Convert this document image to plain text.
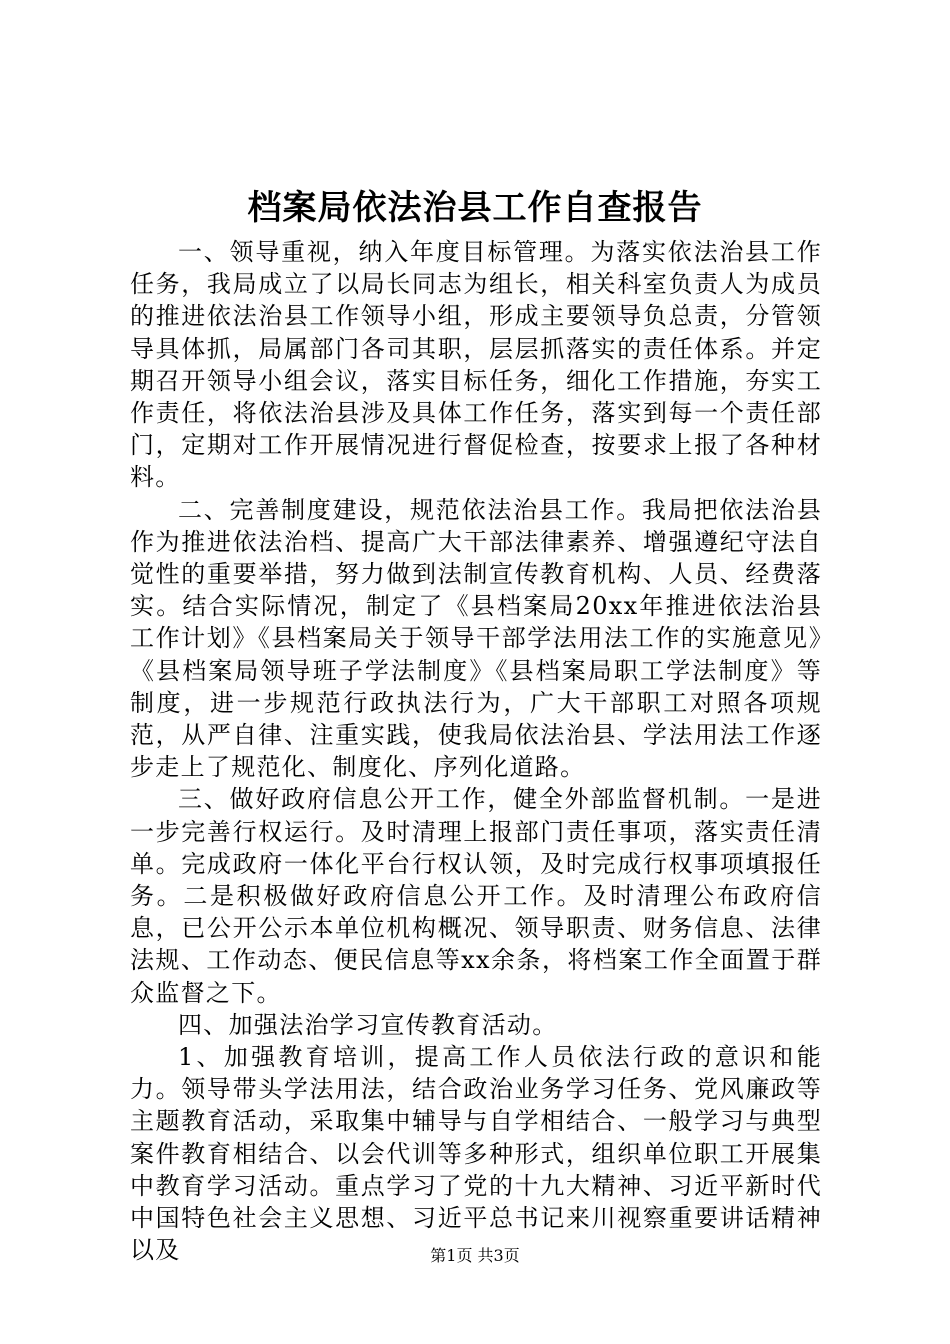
档案局依法治县工作自查报告

一、领导重视，纳入年度目标管理。为落实依法治县工作任务，我局成立了以局长同志为组长，相关科室负责人为成员的推进依法治县工作领导小组，形成主要领导负总责，分管领导具体抓，局属部门各司其职，层层抓落实的责任体系。并定期召开领导小组会议，落实目标任务，细化工作措施，夯实工作责任，将依法治县涉及具体工作任务，落实到每一个责任部门，定期对工作开展情况进行督促检查，按要求上报了各种材料。

二、完善制度建设，规范依法治县工作。我局把依法治县作为推进依法治档、提高广大干部法律素养、增强遵纪守法自觉性的重要举措，努力做到法制宣传教育机构、人员、经费落实。结合实际情况，制定了《县档案局20xx年推进依法治县工作计划》《县档案局关于领导干部学法用法工作的实施意见》《县档案局领导班子学法制度》《县档案局职工学法制度》等制度，进一步规范行政执法行为，广大干部职工对照各项规范，从严自律、注重实践，使我局依法治县、学法用法工作逐步走上了规范化、制度化、序列化道路。

三、做好政府信息公开工作，健全外部监督机制。一是进一步完善行权运行。及时清理上报部门责任事项，落实责任清单。完成政府一体化平台行权认领，及时完成行权事项填报任务。二是积极做好政府信息公开工作。及时清理公布政府信息，已公开公示本单位机构概况、领导职责、财务信息、法律法规、工作动态、便民信息等xx余条，将档案工作全面置于群众监督之下。

四、加强法治学习宣传教育活动。

1、加强教育培训，提高工作人员依法行政的意识和能力。领导带头学法用法，结合政治业务学习任务、党风廉政等主题教育活动，采取集中辅导与自学相结合、一般学习与典型案件教育相结合、以会代训等多种形式，组织单位职工开展集中教育学习活动。重点学习了党的十九大精神、习近平新时代中国特色社会主义思想、习近平总书记来川视察重要讲话精神以及	第1页 共3页
